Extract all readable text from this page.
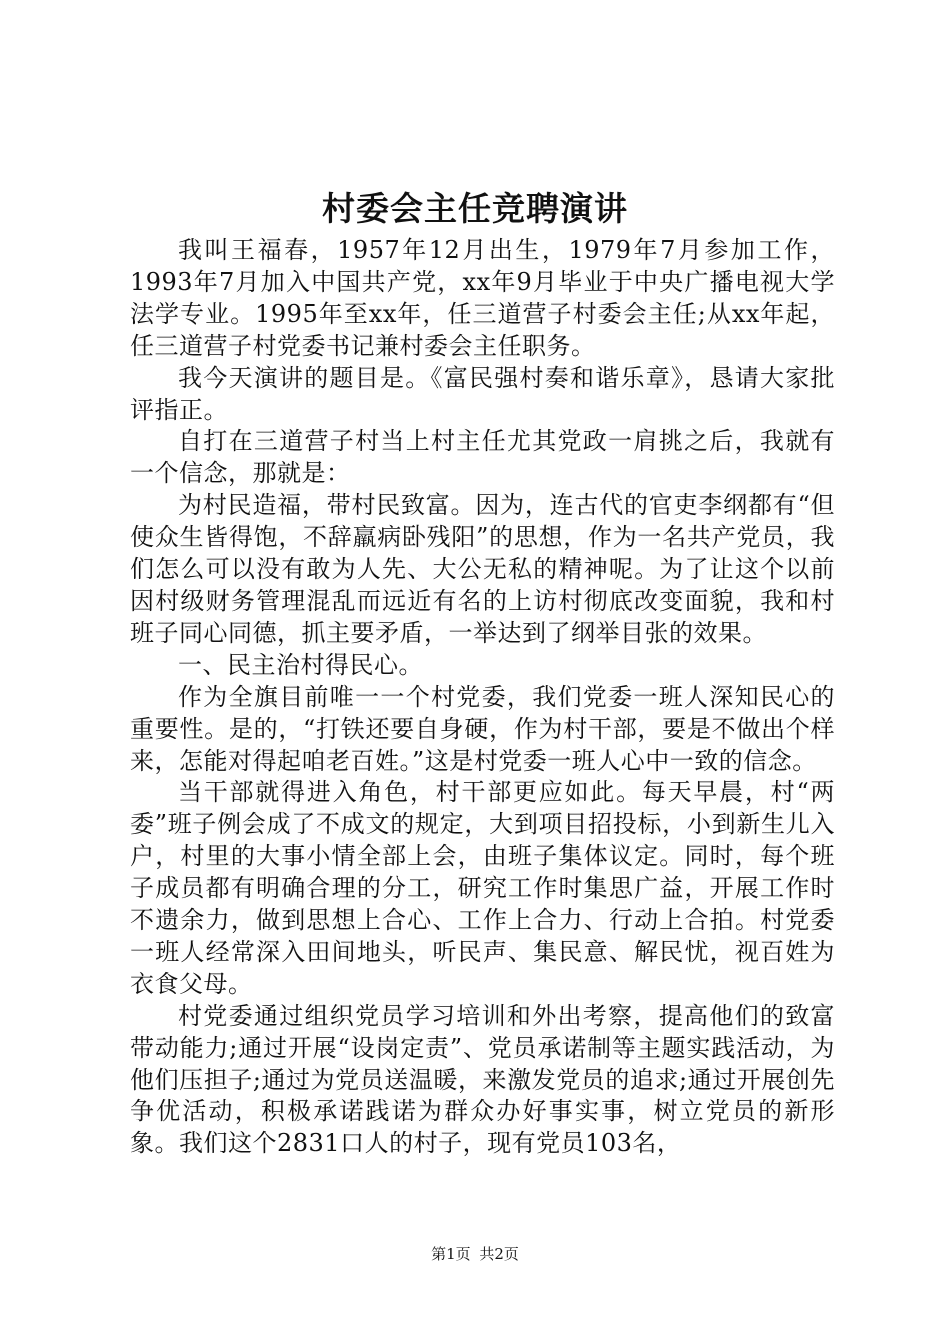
村委会主任竞聘演讲

我叫王福春，1957年12月出生，1979年7月参加工作，1993年7月加入中国共产党，xx年9月毕业于中央广播电视大学法学专业。1995年至xx年，任三道营子村委会主任;从xx年起，任三道营子村党委书记兼村委会主任职务。

我今天演讲的题目是。《富民强村奏和谐乐章》，恳请大家批评指正。

自打在三道营子村当上村主任尤其党政一肩挑之后，我就有一个信念，那就是：

为村民造福，带村民致富。因为，连古代的官吏李纲都有“但使众生皆得饱，不辞羸病卧残阳”的思想，作为一名共产党员，我们怎么可以没有敢为人先、大公无私的精神呢。为了让这个以前因村级财务管理混乱而远近有名的上访村彻底改变面貌，我和村班子同心同德，抓主要矛盾，一举达到了纲举目张的效果。

一、民主治村得民心。

作为全旗目前唯一一个村党委，我们党委一班人深知民心的重要性。是的，“打铁还要自身硬，作为村干部，要是不做出个样来，怎能对得起咱老百姓。”这是村党委一班人心中一致的信念。

当干部就得进入角色，村干部更应如此。每天早晨，村“两委”班子例会成了不成文的规定，大到项目招投标，小到新生儿入户，村里的大事小情全部上会，由班子集体议定。同时，每个班子成员都有明确合理的分工，研究工作时集思广益，开展工作时不遗余力，做到思想上合心、工作上合力、行动上合拍。村党委一班人经常深入田间地头，听民声、集民意、解民忧，视百姓为衣食父母。

村党委通过组织党员学习培训和外出考察，提高他们的致富带动能力;通过开展“设岗定责”、党员承诺制等主题实践活动，为他们压担子;通过为党员送温暖，来激发党员的追求;通过开展创先争优活动，积极承诺践诺为群众办好事实事，树立党员的新形象。我们这个2831口人的村子，现有党员103名，

第1页 共2页
